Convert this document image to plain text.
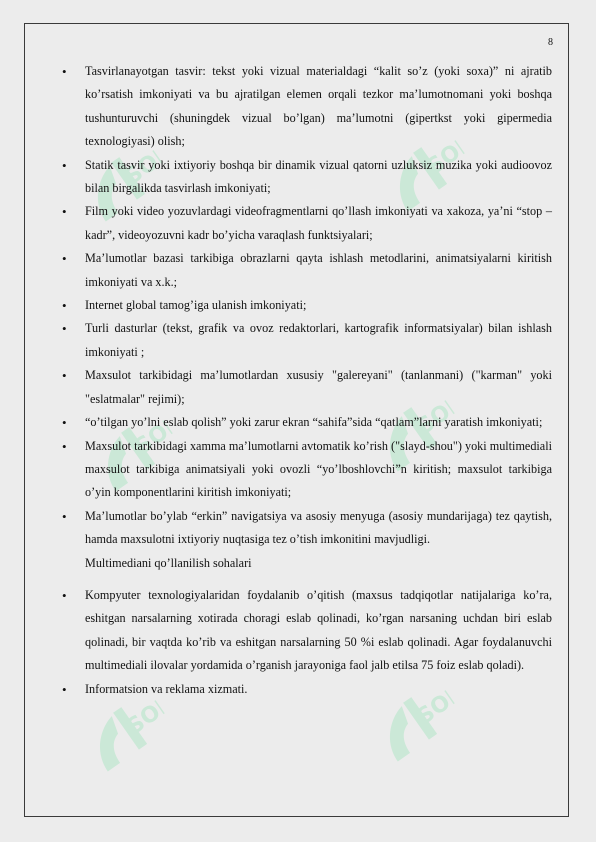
8
SOFF	SOFF
SOFF	SOFF
SOFF	SOFF
• Tasvirlanayotgan tasvir: tekst yoki vizual materialdagi “kalit so’z (yoki soxa)” ni ajratib ko’rsatish imkoniyati va bu ajratilgan elemen orqali tezkor ma’lumotnomani yoki boshqa tushunturuvchi (shuningdek vizual bo’lgan) ma’lumotni (gipertkst yoki gipermedia texnologiyasi) olish;
• Statik tasvir yoki ixtiyoriy boshqa bir dinamik vizual qatorni uzluksiz muzika yoki audioovoz bilan birgalikda tasvirlash imkoniyati;
• Film yoki video yozuvlardagi videofragmentlarni qo’llash imkoniyati va xakoza, ya’ni “stop – kadr”, videoyozuvni kadr bo’yicha varaqlash funktsiyalari;
• Ma’lumotlar bazasi tarkibiga obrazlarni qayta ishlash metodlarini, animatsiyalarni kiritish imkoniyati va x.k.;
• Internet global tamog’iga ulanish imkoniyati;
• Turli dasturlar (tekst, grafik va ovoz redaktorlari, kartografik informatsiyalar) bilan ishlash imkoniyati ;
• Maxsulot tarkibidagi ma’lumotlardan xususiy "galereyani" (tanlanmani) ("karman" yoki "eslatmalar" rejimi);
• “o’tilgan yo’lni eslab qolish” yoki zarur ekran “sahifa”sida “qatlam”larni yaratish imkoniyati;
• Maxsulot tarkibidagi xamma ma’lumotlarni avtomatik ko’rish ("slayd-shou") yoki multimediali maxsulot tarkibiga animatsiyali yoki ovozli “yo’lboshlovchi”n kiritish; maxsulot tarkibiga o’yin komponentlarini kiritish imkoniyati;
• Ma’lumotlar bo’ylab “erkin” navigatsiya va asosiy menyuga (asosiy mundarijaga) tez qaytish, hamda maxsulotni ixtiyoriy nuqtasiga tez o’tish imkonitini mavjudligi.
Multimediani qo’llanilish sohalari
• Kompyuter texnologiyalaridan foydalanib o’qitish (maxsus tadqiqotlar natijalariga ko’ra, eshitgan narsalarning xotirada choragi eslab qolinadi, ko’rgan narsaning uchdan biri eslab qolinadi, bir vaqtda ko’rib va eshitgan narsalarning 50 %i eslab qolinadi. Agar foydalanuvchi multimediali ilovalar yordamida o’rganish jarayoniga faol jalb etilsa 75 foiz eslab qoladi).
• Informatsion va reklama xizmati.
